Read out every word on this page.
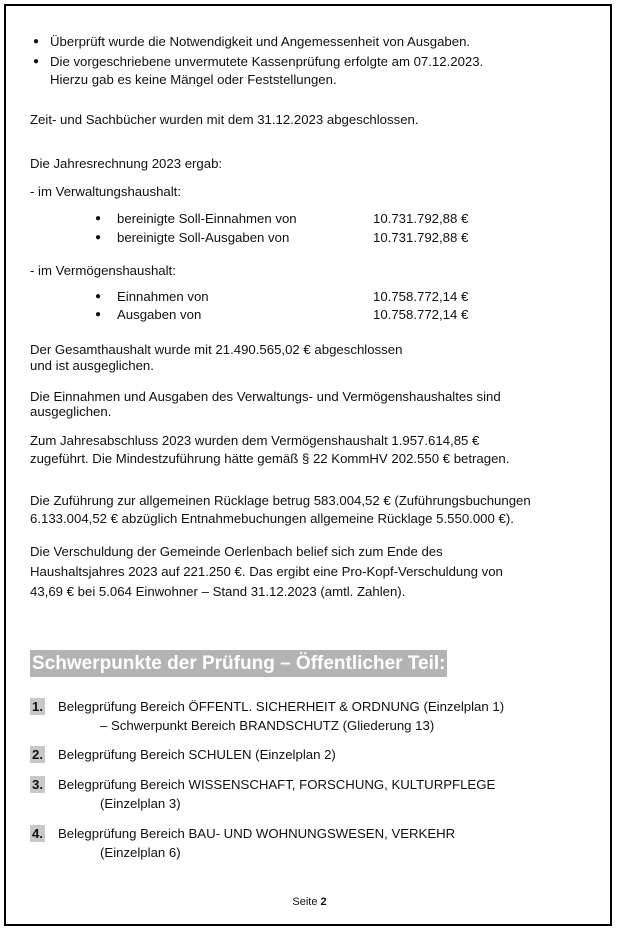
● Überprüft wurde die Notwendigkeit und Angemessenheit von Ausgaben.
● Die vorgeschriebene unvermutete Kassenprüfung erfolgte am 07.12.2023.
Hierzu gab es keine Mängel oder Feststellungen.
Zeit- und Sachbücher wurden mit dem 31.12.2023 abgeschlossen.
Die Jahresrechnung 2023 ergab:
- im Verwaltungshaushalt:
● bereinigte Soll-Einnahmen von	10.731.792,88 €
● bereinigte Soll-Ausgaben von	10.731.792,88 €
- im Vermögenshaushalt:
● Einnahmen von	10.758.772,14 €
● Ausgaben von	10.758.772,14 €
Der Gesamthaushalt wurde mit 21.490.565,02 € abgeschlossen
und ist ausgeglichen.
Die Einnahmen und Ausgaben des Verwaltungs- und Vermögenshaushaltes sind
ausgeglichen.
Zum Jahresabschluss 2023 wurden dem Vermögenshaushalt 1.957.614,85 €
zugeführt. Die Mindestzuführung hätte gemäß § 22 KommHV 202.550 € betragen.
Die Zuführung zur allgemeinen Rücklage betrug 583.004,52 € (Zuführungsbuchungen
6.133.004,52 € abzüglich Entnahmebuchungen allgemeine Rücklage 5.550.000 €).
Die Verschuldung der Gemeinde Oerlenbach belief sich zum Ende des
Haushaltsjahres 2023 auf 221.250 €. Das ergibt eine Pro-Kopf-Verschuldung von
43,69 € bei 5.064 Einwohner – Stand 31.12.2023 (amtl. Zahlen).
Schwerpunkte der Prüfung – Öffentlicher Teil:
1. Belegprüfung Bereich ÖFFENTL. SICHERHEIT & ORDNUNG (Einzelplan 1)
– Schwerpunkt Bereich BRANDSCHUTZ (Gliederung 13)
2. Belegprüfung Bereich SCHULEN (Einzelplan 2)
3. Belegprüfung Bereich WISSENSCHAFT, FORSCHUNG, KULTURPFLEGE
(Einzelplan 3)
4. Belegprüfung Bereich BAU- UND WOHNUNGSWESEN, VERKEHR
(Einzelplan 6)
Seite 2
